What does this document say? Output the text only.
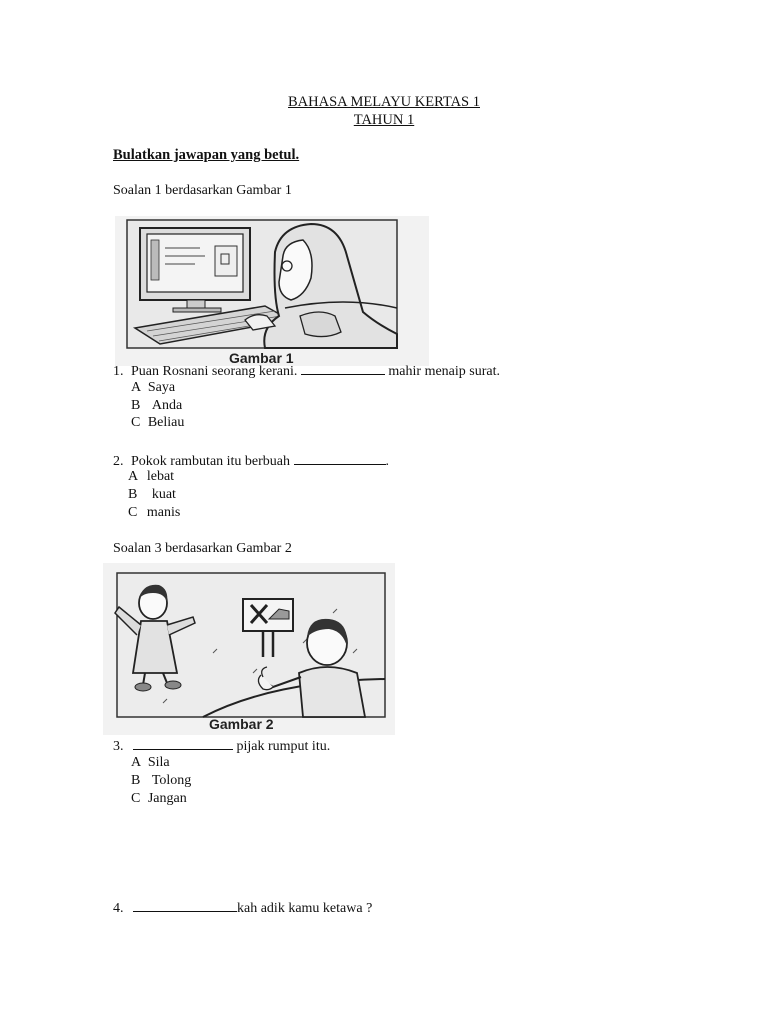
BAHASA MELAYU KERTAS 1
TAHUN 1
Bulatkan jawapan yang betul.
Soalan 1 berdasarkan Gambar 1
Gambar 1
1. Puan Rosnani seorang kerani.	mahir menaip surat.
A Saya
B Anda
C Beliau
2. Pokok rambutan itu berbuah	.
A lebat
B kuat
C manis
Soalan 3 berdasarkan Gambar 2
Gambar 2
3.	pijak rumput itu.
A Sila
B Tolong
C Jangan
4.	kah adik kamu ketawa ?
